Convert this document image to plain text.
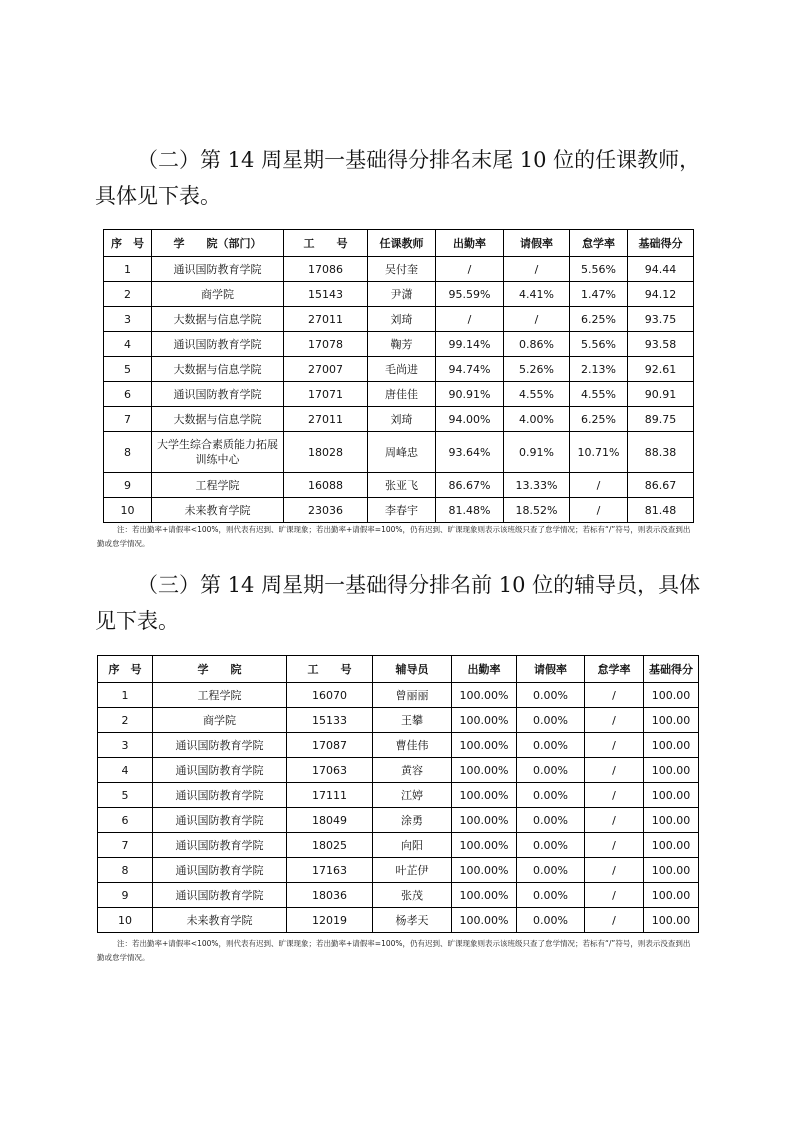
（二）第 14 周星期一基础得分排名末尾 10 位的任课教师，具体见下表。

序　号	学　　院（部门）	工　　号	任课教师	出勤率	请假率	怠学率	基础得分
1	通识国防教育学院	17086	吴付奎	/	/	5.56%	94.44
2	商学院	15143	尹潇	95.59%	4.41%	1.47%	94.12
3	大数据与信息学院	27011	刘琦	/	/	6.25%	93.75
4	通识国防教育学院	17078	鞠芳	99.14%	0.86%	5.56%	93.58
5	大数据与信息学院	27007	毛尚进	94.74%	5.26%	2.13%	92.61
6	通识国防教育学院	17071	唐佳佳	90.91%	4.55%	4.55%	90.91
7	大数据与信息学院	27011	刘琦	94.00%	4.00%	6.25%	89.75
8	大学生综合素质能力拓展训练中心	18028	周峰忠	93.64%	0.91%	10.71%	88.38
9	工程学院	16088	张亚飞	86.67%	13.33%	/	86.67
10	未来教育学院	23036	李春宇	81.48%	18.52%	/	81.48

注：若出勤率+请假率<100%，则代表有迟到、旷课现象；若出勤率+请假率=100%，仍有迟到、旷课现象则表示该班级只查了怠学情况；若标有“/”符号，则表示没查到出勤或怠学情况。

（三）第 14 周星期一基础得分排名前 10 位的辅导员，具体见下表。

序　号	学　　院	工　　号	辅导员	出勤率	请假率	怠学率	基础得分
1	工程学院	16070	曾丽丽	100.00%	0.00%	/	100.00
2	商学院	15133	王攀	100.00%	0.00%	/	100.00
3	通识国防教育学院	17087	曹佳伟	100.00%	0.00%	/	100.00
4	通识国防教育学院	17063	黄容	100.00%	0.00%	/	100.00
5	通识国防教育学院	17111	江婷	100.00%	0.00%	/	100.00
6	通识国防教育学院	18049	涂勇	100.00%	0.00%	/	100.00
7	通识国防教育学院	18025	向阳	100.00%	0.00%	/	100.00
8	通识国防教育学院	17163	叶芷伊	100.00%	0.00%	/	100.00
9	通识国防教育学院	18036	张茂	100.00%	0.00%	/	100.00
10	未来教育学院	12019	杨孝天	100.00%	0.00%	/	100.00

注：若出勤率+请假率<100%，则代表有迟到、旷课现象；若出勤率+请假率=100%，仍有迟到、旷课现象则表示该班级只查了怠学情况；若标有“/”符号，则表示没查到出勤或怠学情况。
